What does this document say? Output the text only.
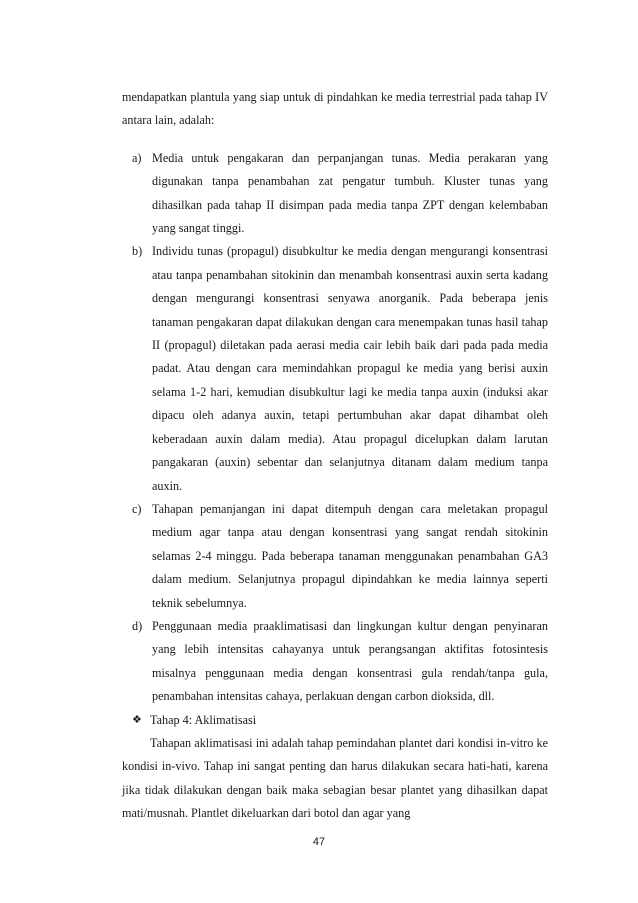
mendapatkan plantula yang siap untuk di pindahkan ke media terrestrial pada tahap IV antara lain, adalah:

a) Media untuk pengakaran dan perpanjangan tunas. Media perakaran yang digunakan tanpa penambahan zat pengatur tumbuh. Kluster tunas yang dihasilkan pada tahap II disimpan pada media tanpa ZPT dengan kelembaban yang sangat tinggi.
b) Individu tunas (propagul) disubkultur ke media dengan mengurangi konsentrasi atau tanpa penambahan sitokinin dan menambah konsentrasi auxin serta kadang dengan mengurangi konsentrasi senyawa anorganik. Pada beberapa jenis tanaman pengakaran dapat dilakukan dengan cara menempakan tunas hasil tahap II (propagul) diletakan pada aerasi media cair lebih baik dari pada pada media padat. Atau dengan cara memindahkan propagul ke media yang berisi auxin selama 1-2 hari, kemudian disubkultur lagi ke media tanpa auxin (induksi akar dipacu oleh adanya auxin, tetapi pertumbuhan akar dapat dihambat oleh keberadaan auxin dalam media). Atau propagul dicelupkan dalam larutan pangakaran (auxin) sebentar dan selanjutnya ditanam dalam medium tanpa auxin.
c) Tahapan pemanjangan ini dapat ditempuh dengan cara meletakan propagul medium agar tanpa atau dengan konsentrasi yang sangat rendah sitokinin selamas 2-4 minggu. Pada beberapa tanaman menggunakan penambahan GA3 dalam medium. Selanjutnya propagul dipindahkan ke media lainnya seperti teknik sebelumnya.
d) Penggunaan media praaklimatisasi dan lingkungan kultur dengan penyinaran yang lebih intensitas cahayanya untuk perangsangan aktifitas fotosintesis misalnya penggunaan media dengan konsentrasi gula rendah/tanpa gula, penambahan intensitas cahaya, perlakuan dengan carbon dioksida, dll.

❖ Tahap 4: Aklimatisasi

Tahapan aklimatisasi ini adalah tahap pemindahan plantet dari kondisi in-vitro ke kondisi in-vivo. Tahap ini sangat penting dan harus dilakukan secara hati-hati, karena jika tidak dilakukan dengan baik maka sebagian besar plantet yang dihasilkan dapat mati/musnah. Plantlet dikeluarkan dari botol dan agar yang

47
